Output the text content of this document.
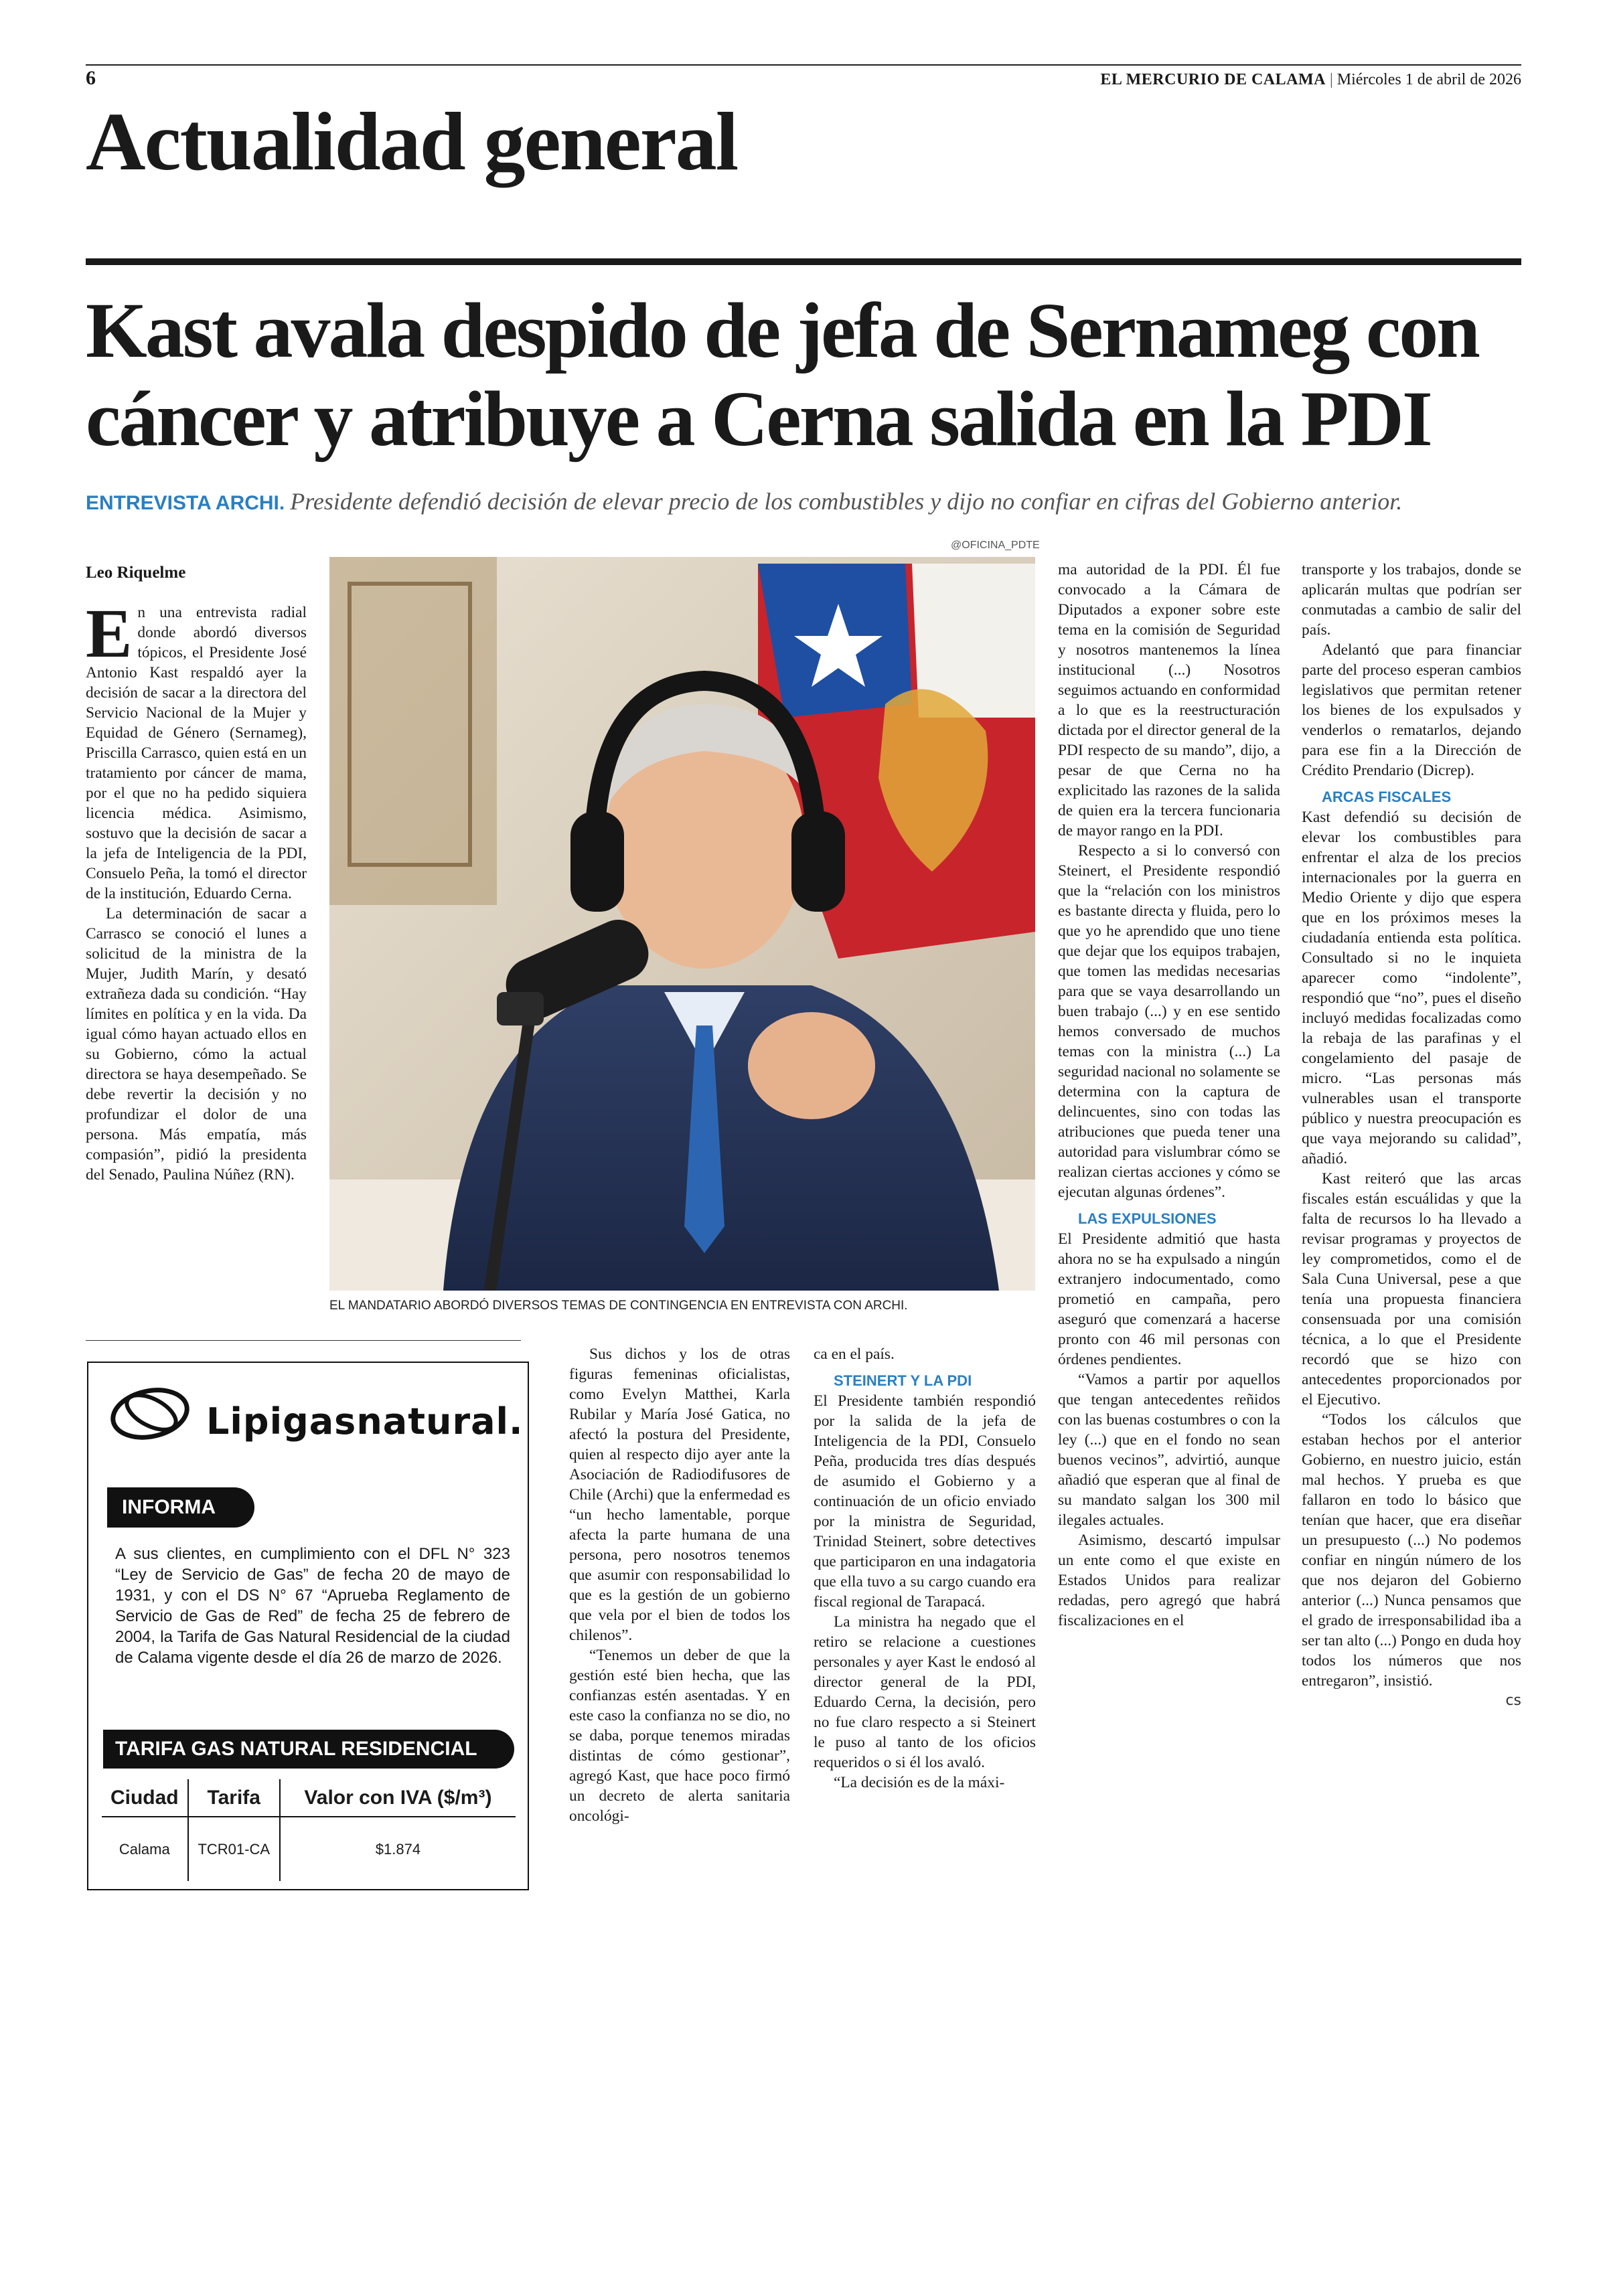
6	EL MERCURIO DE CALAMA | Miércoles 1 de abril de 2026
Actualidad general
Kast avala despido de jefa de Sernameg con cáncer y atribuye a Cerna salida en la PDI
ENTREVISTA ARCHI. Presidente defendió decisión de elevar precio de los combustibles y dijo no confiar en cifras del Gobierno anterior.
Leo Riquelme

En una entrevista radial donde abordó diversos tópicos, el Presidente José Antonio Kast respaldó ayer la decisión de sacar a la directora del Servicio Nacional de la Mujer y Equidad de Género (Sernameg), Priscilla Carrasco, quien está en un tratamiento por cáncer de mama, por el que no ha pedido siquiera licencia médica. Asimismo, sostuvo que la decisión de sacar a la jefa de Inteligencia de la PDI, Consuelo Peña, la tomó el director de la institución, Eduardo Cerna.

La determinación de sacar a Carrasco se conoció el lunes a solicitud de la ministra de la Mujer, Judith Marín, y desató extrañeza dada su condición. “Hay límites en política y en la vida. Da igual cómo hayan actuado ellos en su Gobierno, cómo la actual directora se haya desempeñado. Se debe revertir la decisión y no profundizar el dolor de una persona. Más empatía, más compasión”, pidió la presidenta del Senado, Paulina Núñez (RN).

@OFICINA_PDTE
EL MANDATARIO ABORDÓ DIVERSOS TEMAS DE CONTINGENCIA EN ENTREVISTA CON ARCHI.

Sus dichos y los de otras figuras femeninas oficialistas, como Evelyn Matthei, Karla Rubilar y María José Gatica, no afectó la postura del Presidente, quien al respecto dijo ayer ante la Asociación de Radiodifusores de Chile (Archi) que la enfermedad es “un hecho lamentable, porque afecta la parte humana de una persona, pero nosotros tenemos que asumir con responsabilidad lo que es la gestión de un gobierno que vela por el bien de todos los chilenos”.

“Tenemos un deber de que la gestión esté bien hecha, que las confianzas estén asentadas. Y en este caso la confianza no se dio, no se daba, porque tenemos miradas distintas de cómo gestionar”, agregó Kast, que hace poco firmó un decreto de alerta sanitaria oncológi-

ca en el país.

STEINERT Y LA PDI

El Presidente también respondió por la salida de la jefa de Inteligencia de la PDI, Consuelo Peña, producida tres días después de asumido el Gobierno y a continuación de un oficio enviado por la ministra de Seguridad, Trinidad Steinert, sobre detectives que participaron en una indagatoria que ella tuvo a su cargo cuando era fiscal regional de Tarapacá.

La ministra ha negado que el retiro se relacione a cuestiones personales y ayer Kast le endosó al director general de la PDI, Eduardo Cerna, la decisión, pero no fue claro respecto a si Steinert le puso al tanto de los oficios requeridos o si él los avaló.

“La decisión es de la máxi-

ma autoridad de la PDI. Él fue convocado a la Cámara de Diputados a exponer sobre este tema en la comisión de Seguridad y nosotros mantenemos la línea institucional (...) Nosotros seguimos actuando en conformidad a lo que es la reestructuración dictada por el director general de la PDI respecto de su mando”, dijo, a pesar de que Cerna no ha explicitado las razones de la salida de quien era la tercera funcionaria de mayor rango en la PDI.

Respecto a si lo conversó con Steinert, el Presidente respondió que la “relación con los ministros es bastante directa y fluida, pero lo que yo he aprendido que uno tiene que dejar que los equipos trabajen, que tomen las medidas necesarias para que se vaya desarrollando un buen trabajo (...) y en ese sentido hemos conversado de muchos temas con la ministra (...) La seguridad nacional no solamente se determina con la captura de delincuentes, sino con todas las atribuciones que pueda tener una autoridad para vislumbrar cómo se realizan ciertas acciones y cómo se ejecutan algunas órdenes”.

LAS EXPULSIONES

El Presidente admitió que hasta ahora no se ha expulsado a ningún extranjero indocumentado, como prometió en campaña, pero aseguró que comenzará a hacerse pronto con 46 mil personas con órdenes pendientes.

“Vamos a partir por aquellos que tengan antecedentes reñidos con las buenas costumbres o con la ley (...) que en el fondo no sean buenos vecinos”, advirtió, aunque añadió que esperan que al final de su mandato salgan los 300 mil ilegales actuales.

Asimismo, descartó impulsar un ente como el que existe en Estados Unidos para realizar redadas, pero agregó que habrá fiscalizaciones en el

transporte y los trabajos, donde se aplicarán multas que podrían ser conmutadas a cambio de salir del país.

Adelantó que para financiar parte del proceso esperan cambios legislativos que permitan retener los bienes de los expulsados y venderlos o rematarlos, dejando para ese fin a la Dirección de Crédito Prendario (Dicrep).

ARCAS FISCALES

Kast defendió su decisión de elevar los combustibles para enfrentar el alza de los precios internacionales por la guerra en Medio Oriente y dijo que espera que en los próximos meses la ciudadanía entienda esta política. Consultado si no le inquieta aparecer como “indolente”, respondió que “no”, pues el diseño incluyó medidas focalizadas como la rebaja de las parafinas y el congelamiento del pasaje de micro. “Las personas más vulnerables usan el transporte público y nuestra preocupación es que vaya mejorando su calidad”, añadió.

Kast reiteró que las arcas fiscales están escuálidas y que la falta de recursos lo ha llevado a revisar programas y proyectos de ley comprometidos, como el de Sala Cuna Universal, pese a que tenía una propuesta financiera consensuada por una comisión técnica, a lo que el Presidente recordó que se hizo con antecedentes proporcionados por el Ejecutivo.

“Todos los cálculos que estaban hechos por el anterior Gobierno, en nuestro juicio, están mal hechos. Y prueba es que fallaron en todo lo básico que tenían que hacer, que era diseñar un presupuesto (...) No podemos confiar en ningún número de los que nos dejaron del Gobierno anterior (...) Nunca pensamos que el grado de irresponsabilidad iba a ser tan alto (...) Pongo en duda hoy todos los números que nos entregaron”, insistió.

cs

Lipigasnatural.
INFORMA
A sus clientes, en cumplimiento con el DFL N° 323 “Ley de Servicio de Gas” de fecha 20 de mayo de 1931, y con el DS N° 67 “Aprueba Reglamento de Servicio de Gas de Red” de fecha 25 de febrero de 2004, la Tarifa de Gas Natural Residencial de la ciudad de Calama vigente desde el día 26 de marzo de 2026.
TARIFA GAS NATURAL RESIDENCIAL
Ciudad	Tarifa	Valor con IVA ($/m³)
Calama	TCR01-CA	$1.874
